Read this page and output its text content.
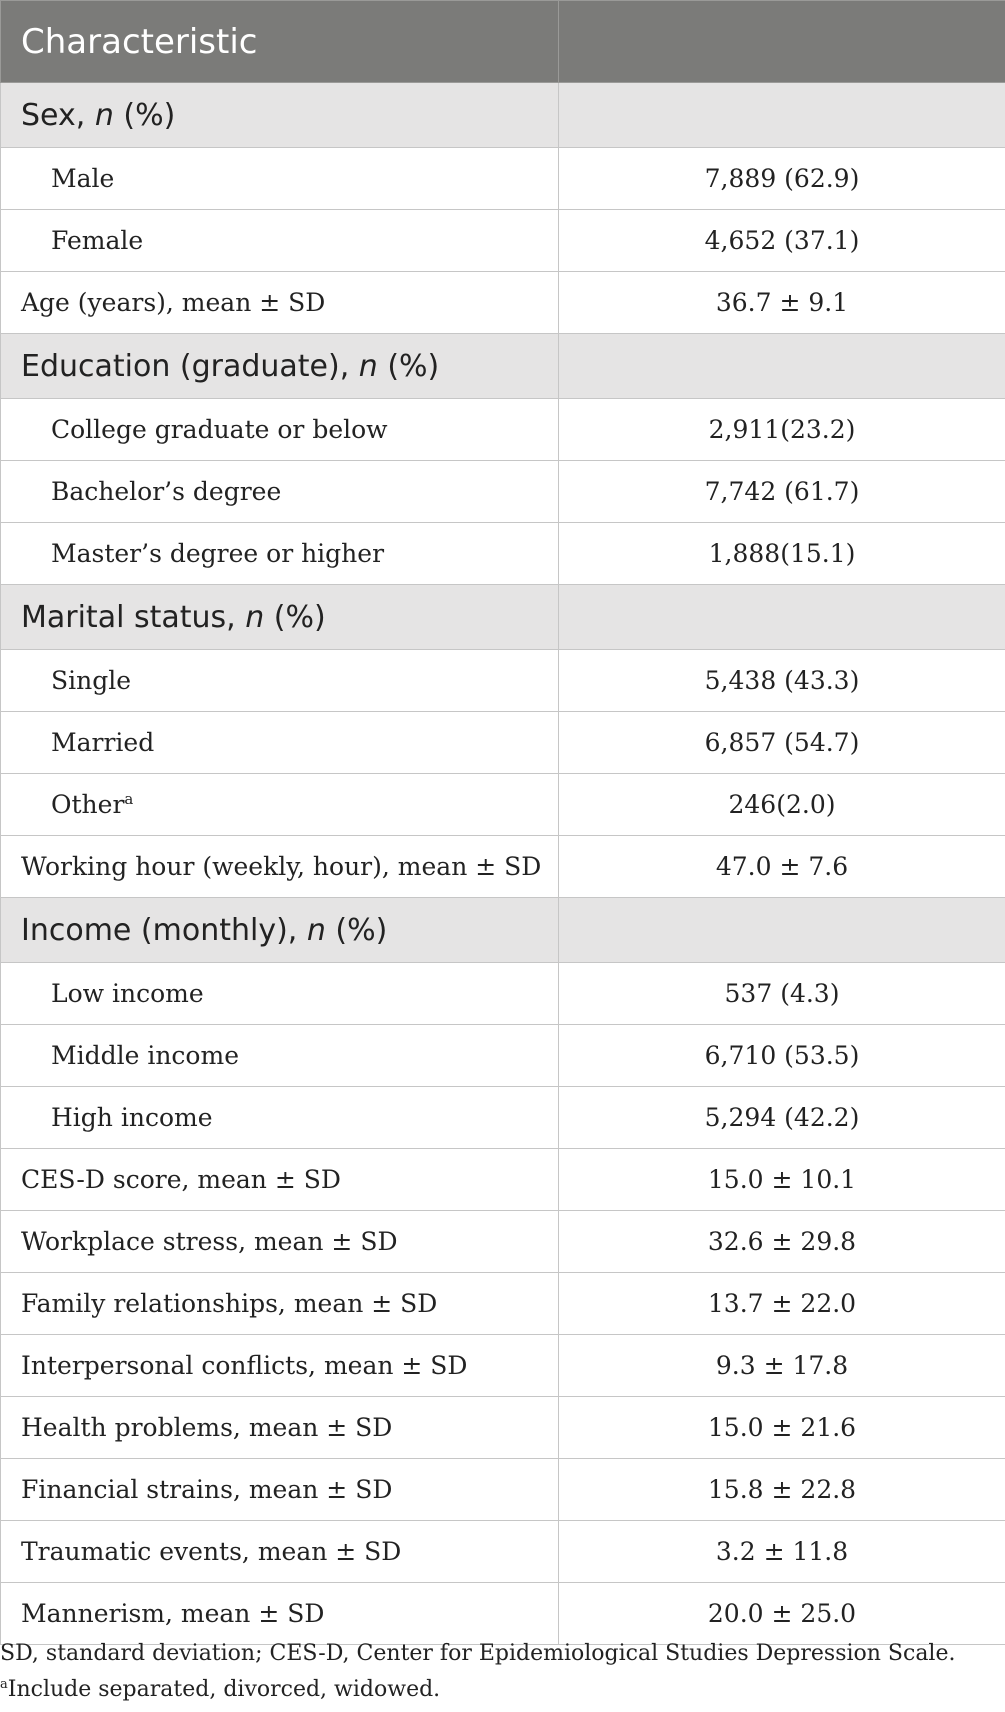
Characteristic	
Sex, n (%)	
Male	7,889 (62.9)
Female	4,652 (37.1)
Age (years), mean ± SD	36.7 ± 9.1
Education (graduate), n (%)	
College graduate or below	2,911(23.2)
Bachelor’s degree	7,742 (61.7)
Master’s degree or higher	1,888(15.1)
Marital status, n (%)	
Single	5,438 (43.3)
Married	6,857 (54.7)
Other$^a$	246(2.0)
Working hour (weekly, hour), mean ± SD	47.0 ± 7.6
Income (monthly), n (%)	
Low income	537 (4.3)
Middle income	6,710 (53.5)
High income	5,294 (42.2)
CES-D score, mean ± SD	15.0 ± 10.1
Workplace stress, mean ± SD	32.6 ± 29.8
Family relationships, mean ± SD	13.7 ± 22.0
Interpersonal conflicts, mean ± SD	9.3 ± 17.8
Health problems, mean ± SD	15.0 ± 21.6
Financial strains, mean ± SD	15.8 ± 22.8
Traumatic events, mean ± SD	3.2 ± 11.8
Mannerism, mean ± SD	20.0 ± 25.0

SD, standard deviation; CES-D, Center for Epidemiological Studies Depression Scale.

$^a$Include separated, divorced, widowed.
